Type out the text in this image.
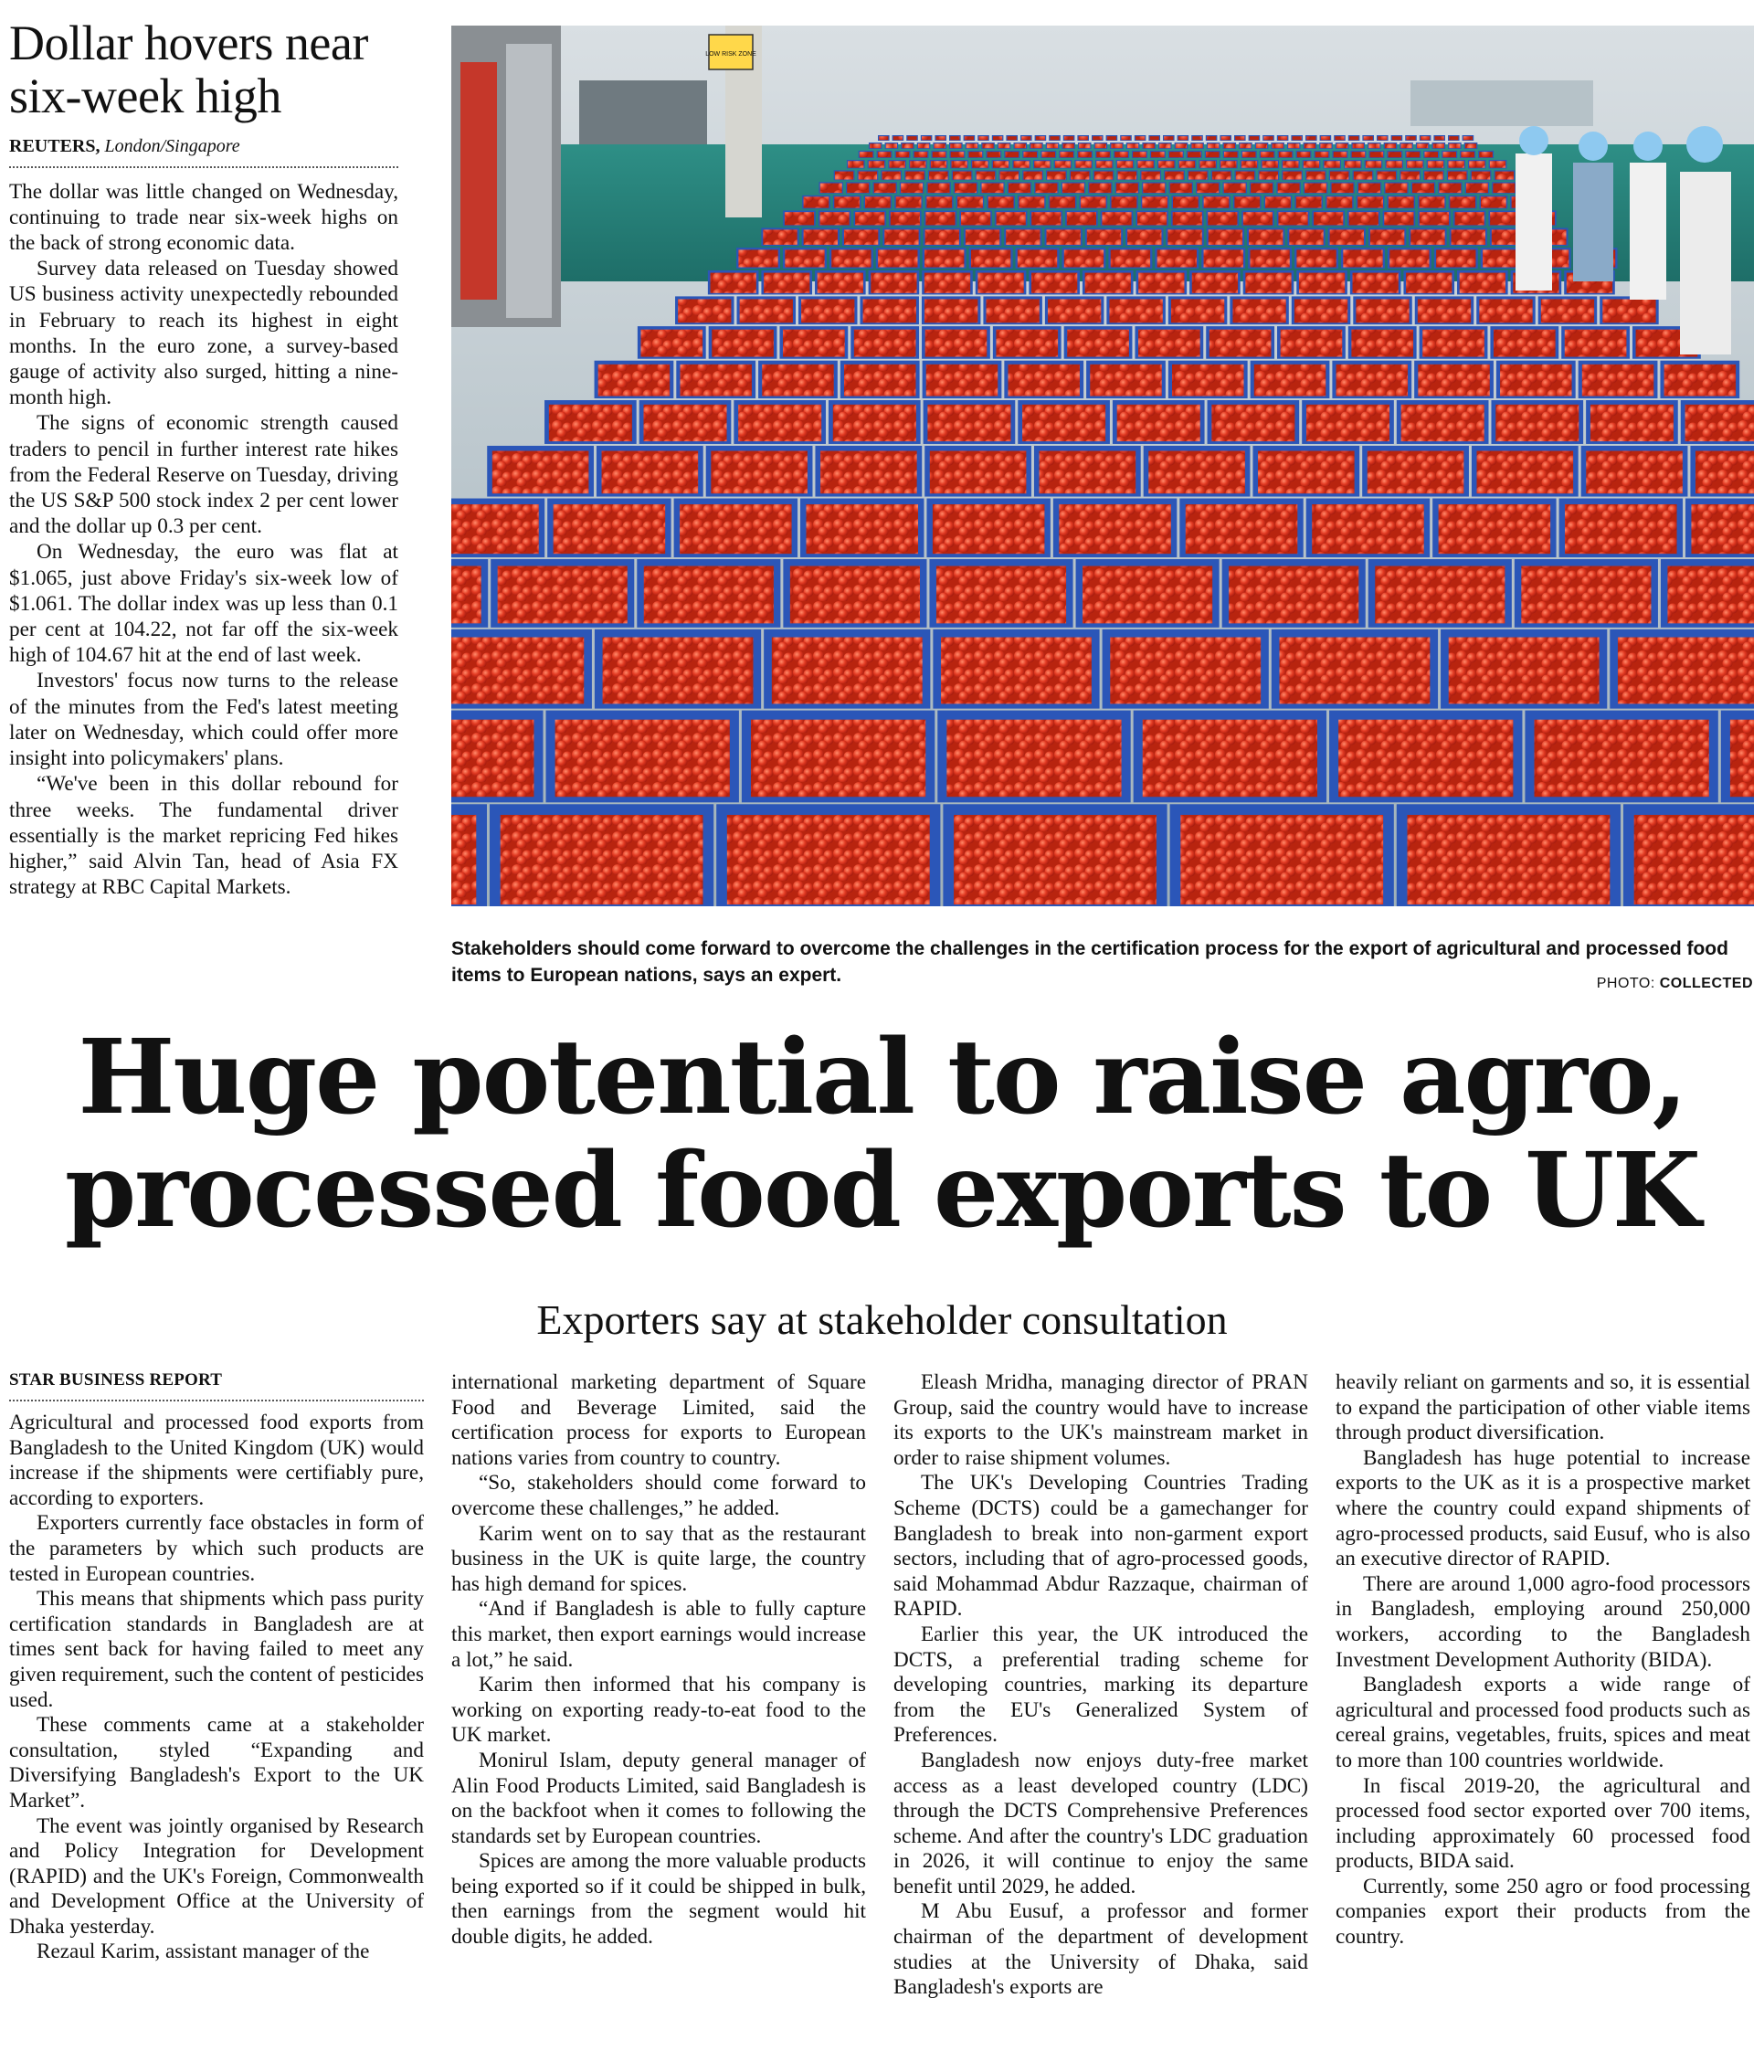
Dollar hovers near six-week high
REUTERS, London/Singapore

The dollar was little changed on Wednesday, continuing to trade near six-week highs on the back of strong economic data.

Survey data released on Tuesday showed US business activity unexpectedly rebounded in February to reach its highest in eight months. In the euro zone, a survey-based gauge of activity also surged, hitting a nine-month high.

The signs of economic strength caused traders to pencil in further interest rate hikes from the Federal Reserve on Tuesday, driving the US S&P 500 stock index 2 per cent lower and the dollar up 0.3 per cent.

On Wednesday, the euro was flat at $1.065, just above Friday's six-week low of $1.061. The dollar index was up less than 0.1 per cent at 104.22, not far off the six-week high of 104.67 hit at the end of last week.

Investors' focus now turns to the release of the minutes from the Fed's latest meeting later on Wednesday, which could offer more insight into policymakers' plans.

“We've been in this dollar rebound for three weeks. The fundamental driver essentially is the market repricing Fed hikes higher,” said Alvin Tan, head of Asia FX strategy at RBC Capital Markets.

LOW RISK ZONE
Stakeholders should come forward to overcome the challenges in the certification process for the export of agricultural and processed food items to European nations, says an expert.	PHOTO: COLLECTED
Huge potential to raise agro, processed food exports to UK
Exporters say at stakeholder consultation
STAR BUSINESS REPORT

Agricultural and processed food exports from Bangladesh to the United Kingdom (UK) would increase if the shipments were certifiably pure, according to exporters.

Exporters currently face obstacles in form of the parameters by which such products are tested in European countries.

This means that shipments which pass purity certification standards in Bangladesh are at times sent back for having failed to meet any given requirement, such the content of pesticides used.

These comments came at a stakeholder consultation, styled “Expanding and Diversifying Bangladesh's Export to the UK Market”.

The event was jointly organised by Research and Policy Integration for Development (RAPID) and the UK's Foreign, Commonwealth and Development Office at the University of Dhaka yesterday.

Rezaul Karim, assistant manager of the

international marketing department of Square Food and Beverage Limited, said the certification process for exports to European nations varies from country to country.

“So, stakeholders should come forward to overcome these challenges,” he added.

Karim went on to say that as the restaurant business in the UK is quite large, the country has high demand for spices.

“And if Bangladesh is able to fully capture this market, then export earnings would increase a lot,” he said.

Karim then informed that his company is working on exporting ready-to-eat food to the UK market.

Monirul Islam, deputy general manager of Alin Food Products Limited, said Bangladesh is on the backfoot when it comes to following the standards set by European countries.

Spices are among the more valuable products being exported so if it could be shipped in bulk, then earnings from the segment would hit double digits, he added.

Eleash Mridha, managing director of PRAN Group, said the country would have to increase its exports to the UK's mainstream market in order to raise shipment volumes.

The UK's Developing Countries Trading Scheme (DCTS) could be a gamechanger for Bangladesh to break into non-garment export sectors, including that of agro-processed goods, said Mohammad Abdur Razzaque, chairman of RAPID.

Earlier this year, the UK introduced the DCTS, a preferential trading scheme for developing countries, marking its departure from the EU's Generalized System of Preferences.

Bangladesh now enjoys duty-free market access as a least developed country (LDC) through the DCTS Comprehensive Preferences scheme. And after the country's LDC graduation in 2026, it will continue to enjoy the same benefit until 2029, he added.

M Abu Eusuf, a professor and former chairman of the department of development studies at the University of Dhaka, said Bangladesh's exports are

heavily reliant on garments and so, it is essential to expand the participation of other viable items through product diversification.

Bangladesh has huge potential to increase exports to the UK as it is a prospective market where the country could expand shipments of agro-processed products, said Eusuf, who is also an executive director of RAPID.

There are around 1,000 agro-food processors in Bangladesh, employing around 250,000 workers, according to the Bangladesh Investment Development Authority (BIDA).

Bangladesh exports a wide range of agricultural and processed food products such as cereal grains, vegetables, fruits, spices and meat to more than 100 countries worldwide.

In fiscal 2019-20, the agricultural and processed food sector exported over 700 items, including approximately 60 processed food products, BIDA said.

Currently, some 250 agro or food processing companies export their products from the country.
